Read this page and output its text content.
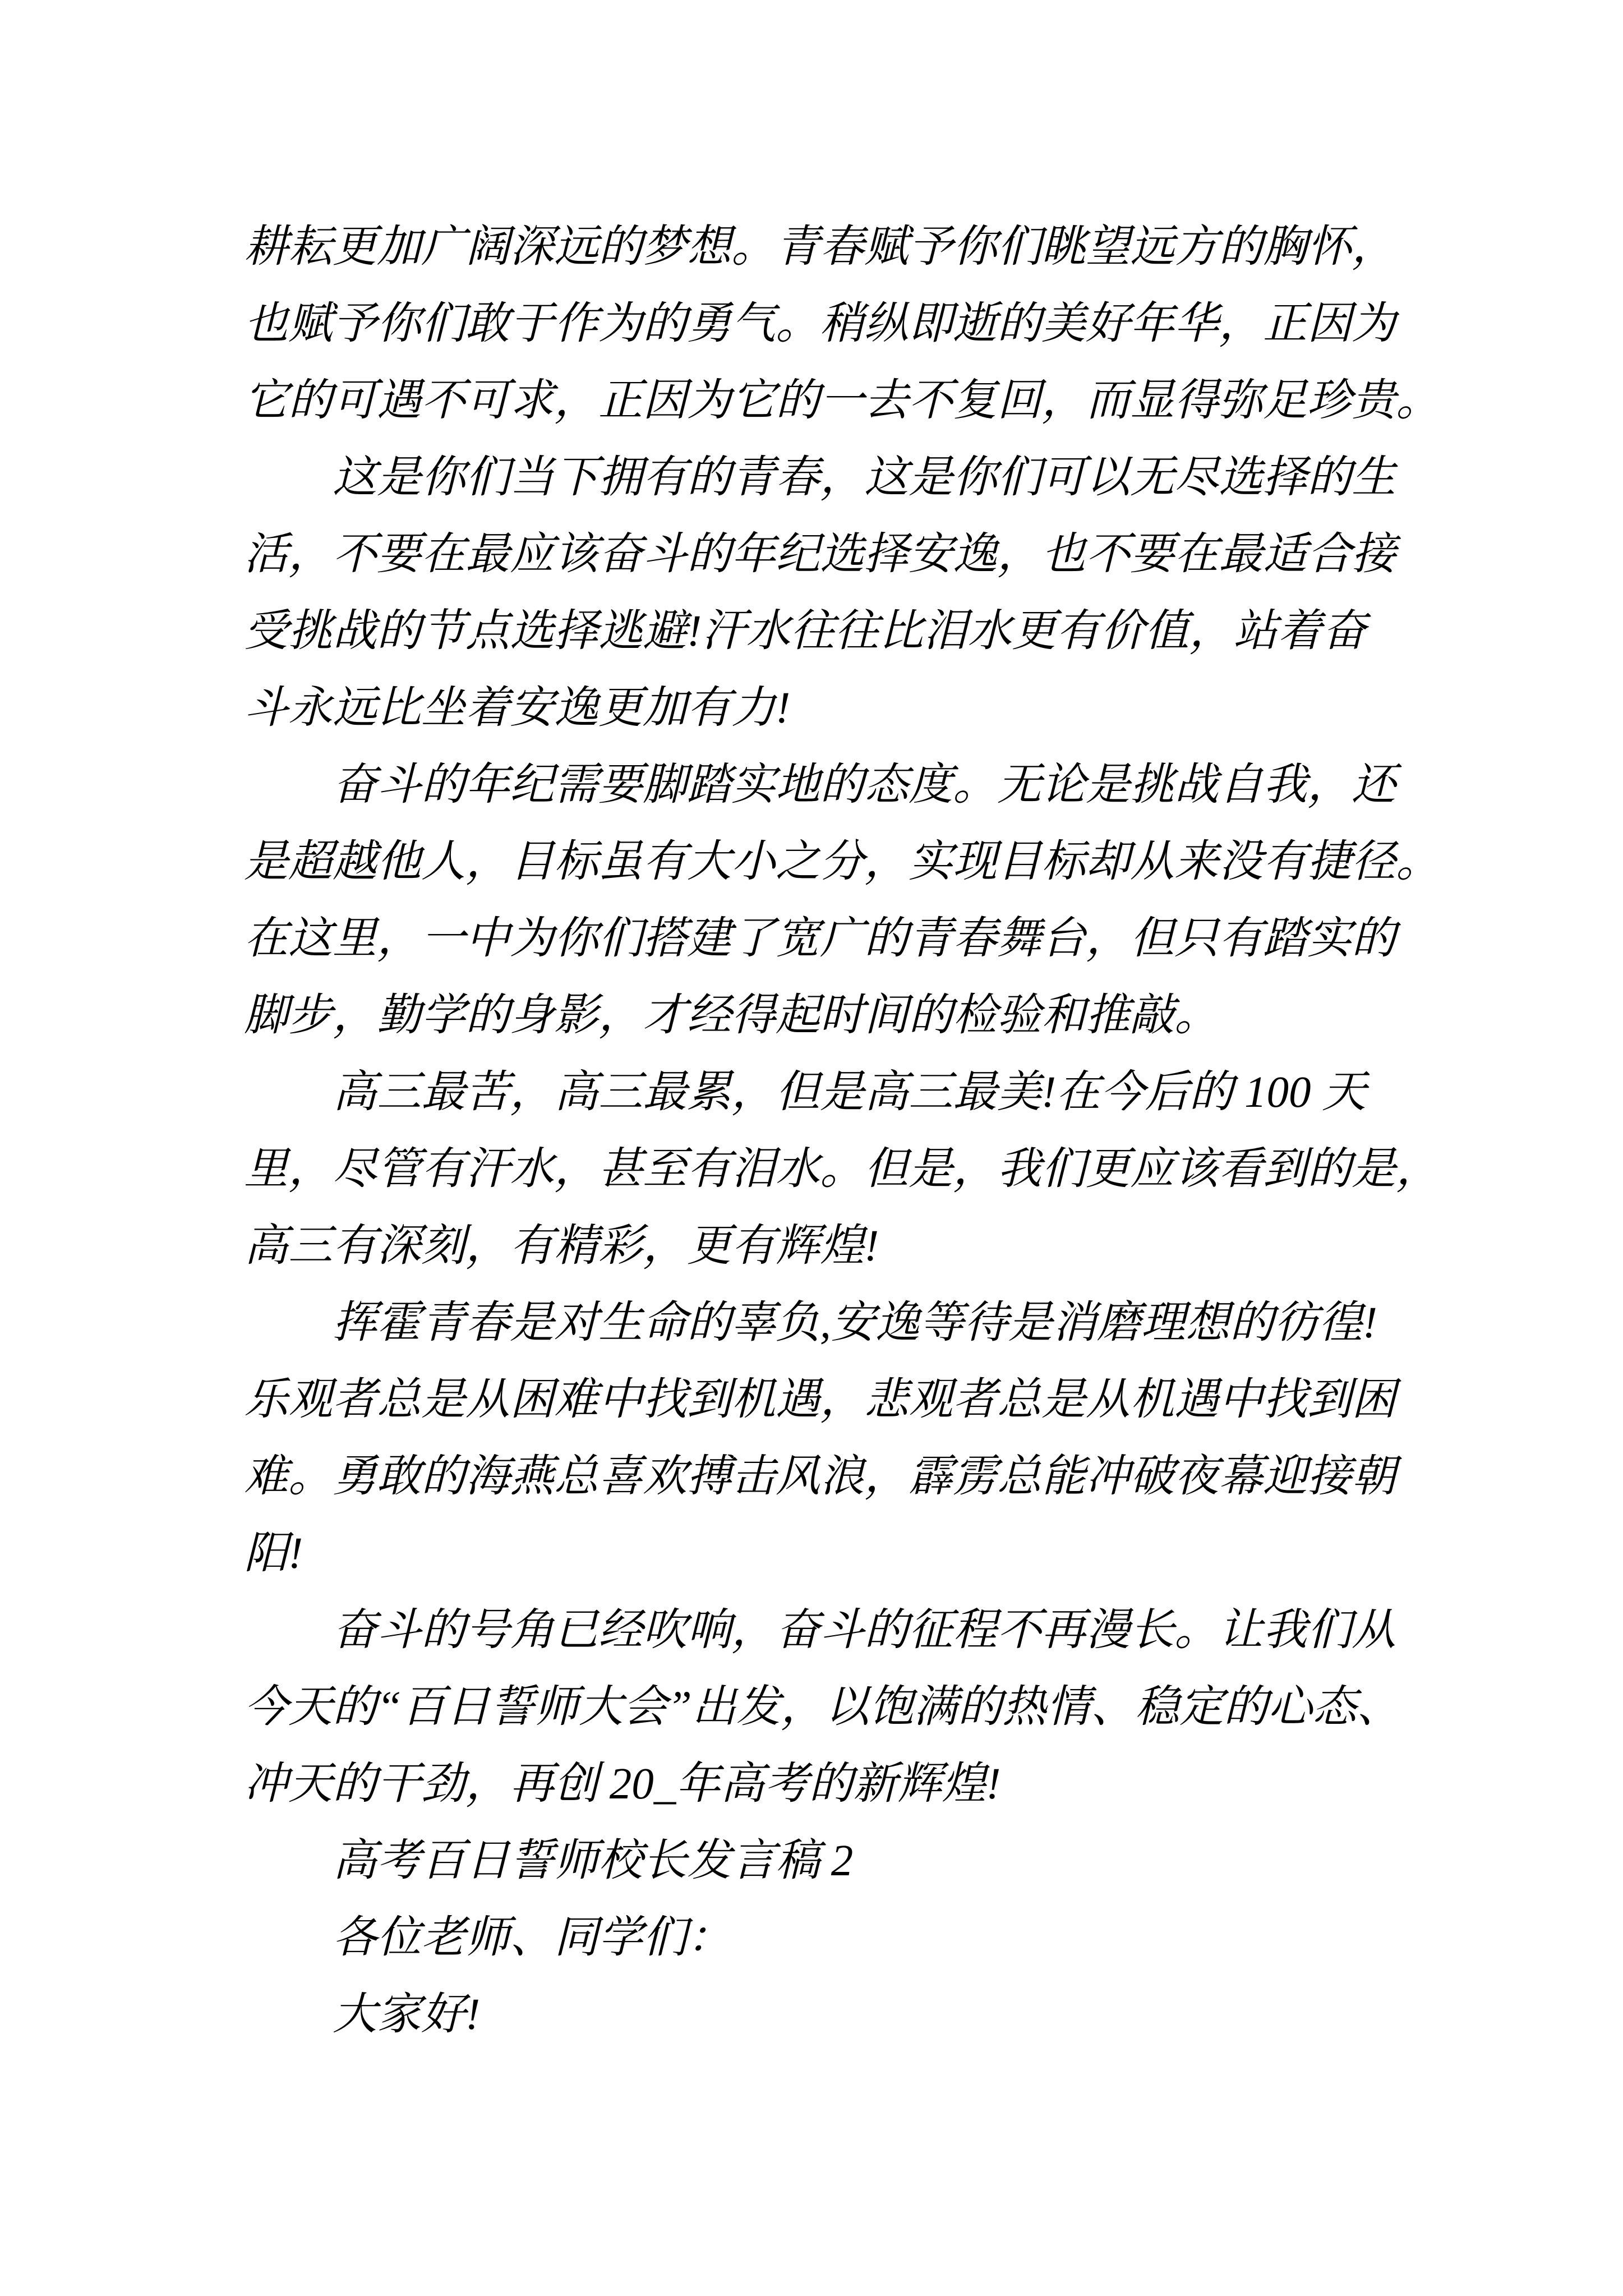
耕耘更加广阔深远的梦想。青春赋予你们眺望远方的胸怀，
也赋予你们敢于作为的勇气。稍纵即逝的美好年华，正因为
它的可遇不可求，正因为它的一去不复回，而显得弥足珍贵。
这是你们当下拥有的青春，这是你们可以无尽选择的生
活，不要在最应该奋斗的年纪选择安逸，也不要在最适合接
受挑战的节点选择逃避!汗水往往比泪水更有价值，站着奋
斗永远比坐着安逸更加有力!
奋斗的年纪需要脚踏实地的态度。无论是挑战自我，还
是超越他人，目标虽有大小之分，实现目标却从来没有捷径。
在这里，一中为你们搭建了宽广的青春舞台，但只有踏实的
脚步，勤学的身影，才经得起时间的检验和推敲。
高三最苦，高三最累，但是高三最美!在今后的 100 天
里，尽管有汗水，甚至有泪水。但是，我们更应该看到的是，
高三有深刻，有精彩，更有辉煌!
挥霍青春是对生命的辜负,安逸等待是消磨理想的彷徨!
乐观者总是从困难中找到机遇，悲观者总是从机遇中找到困
难。勇敢的海燕总喜欢搏击风浪，霹雳总能冲破夜幕迎接朝
阳!
奋斗的号角已经吹响，奋斗的征程不再漫长。让我们从
今天的“百日誓师大会”出发，以饱满的热情、稳定的心态、
冲天的干劲，再创 20_年高考的新辉煌!
高考百日誓师校长发言稿 2
各位老师、同学们：
大家好!
